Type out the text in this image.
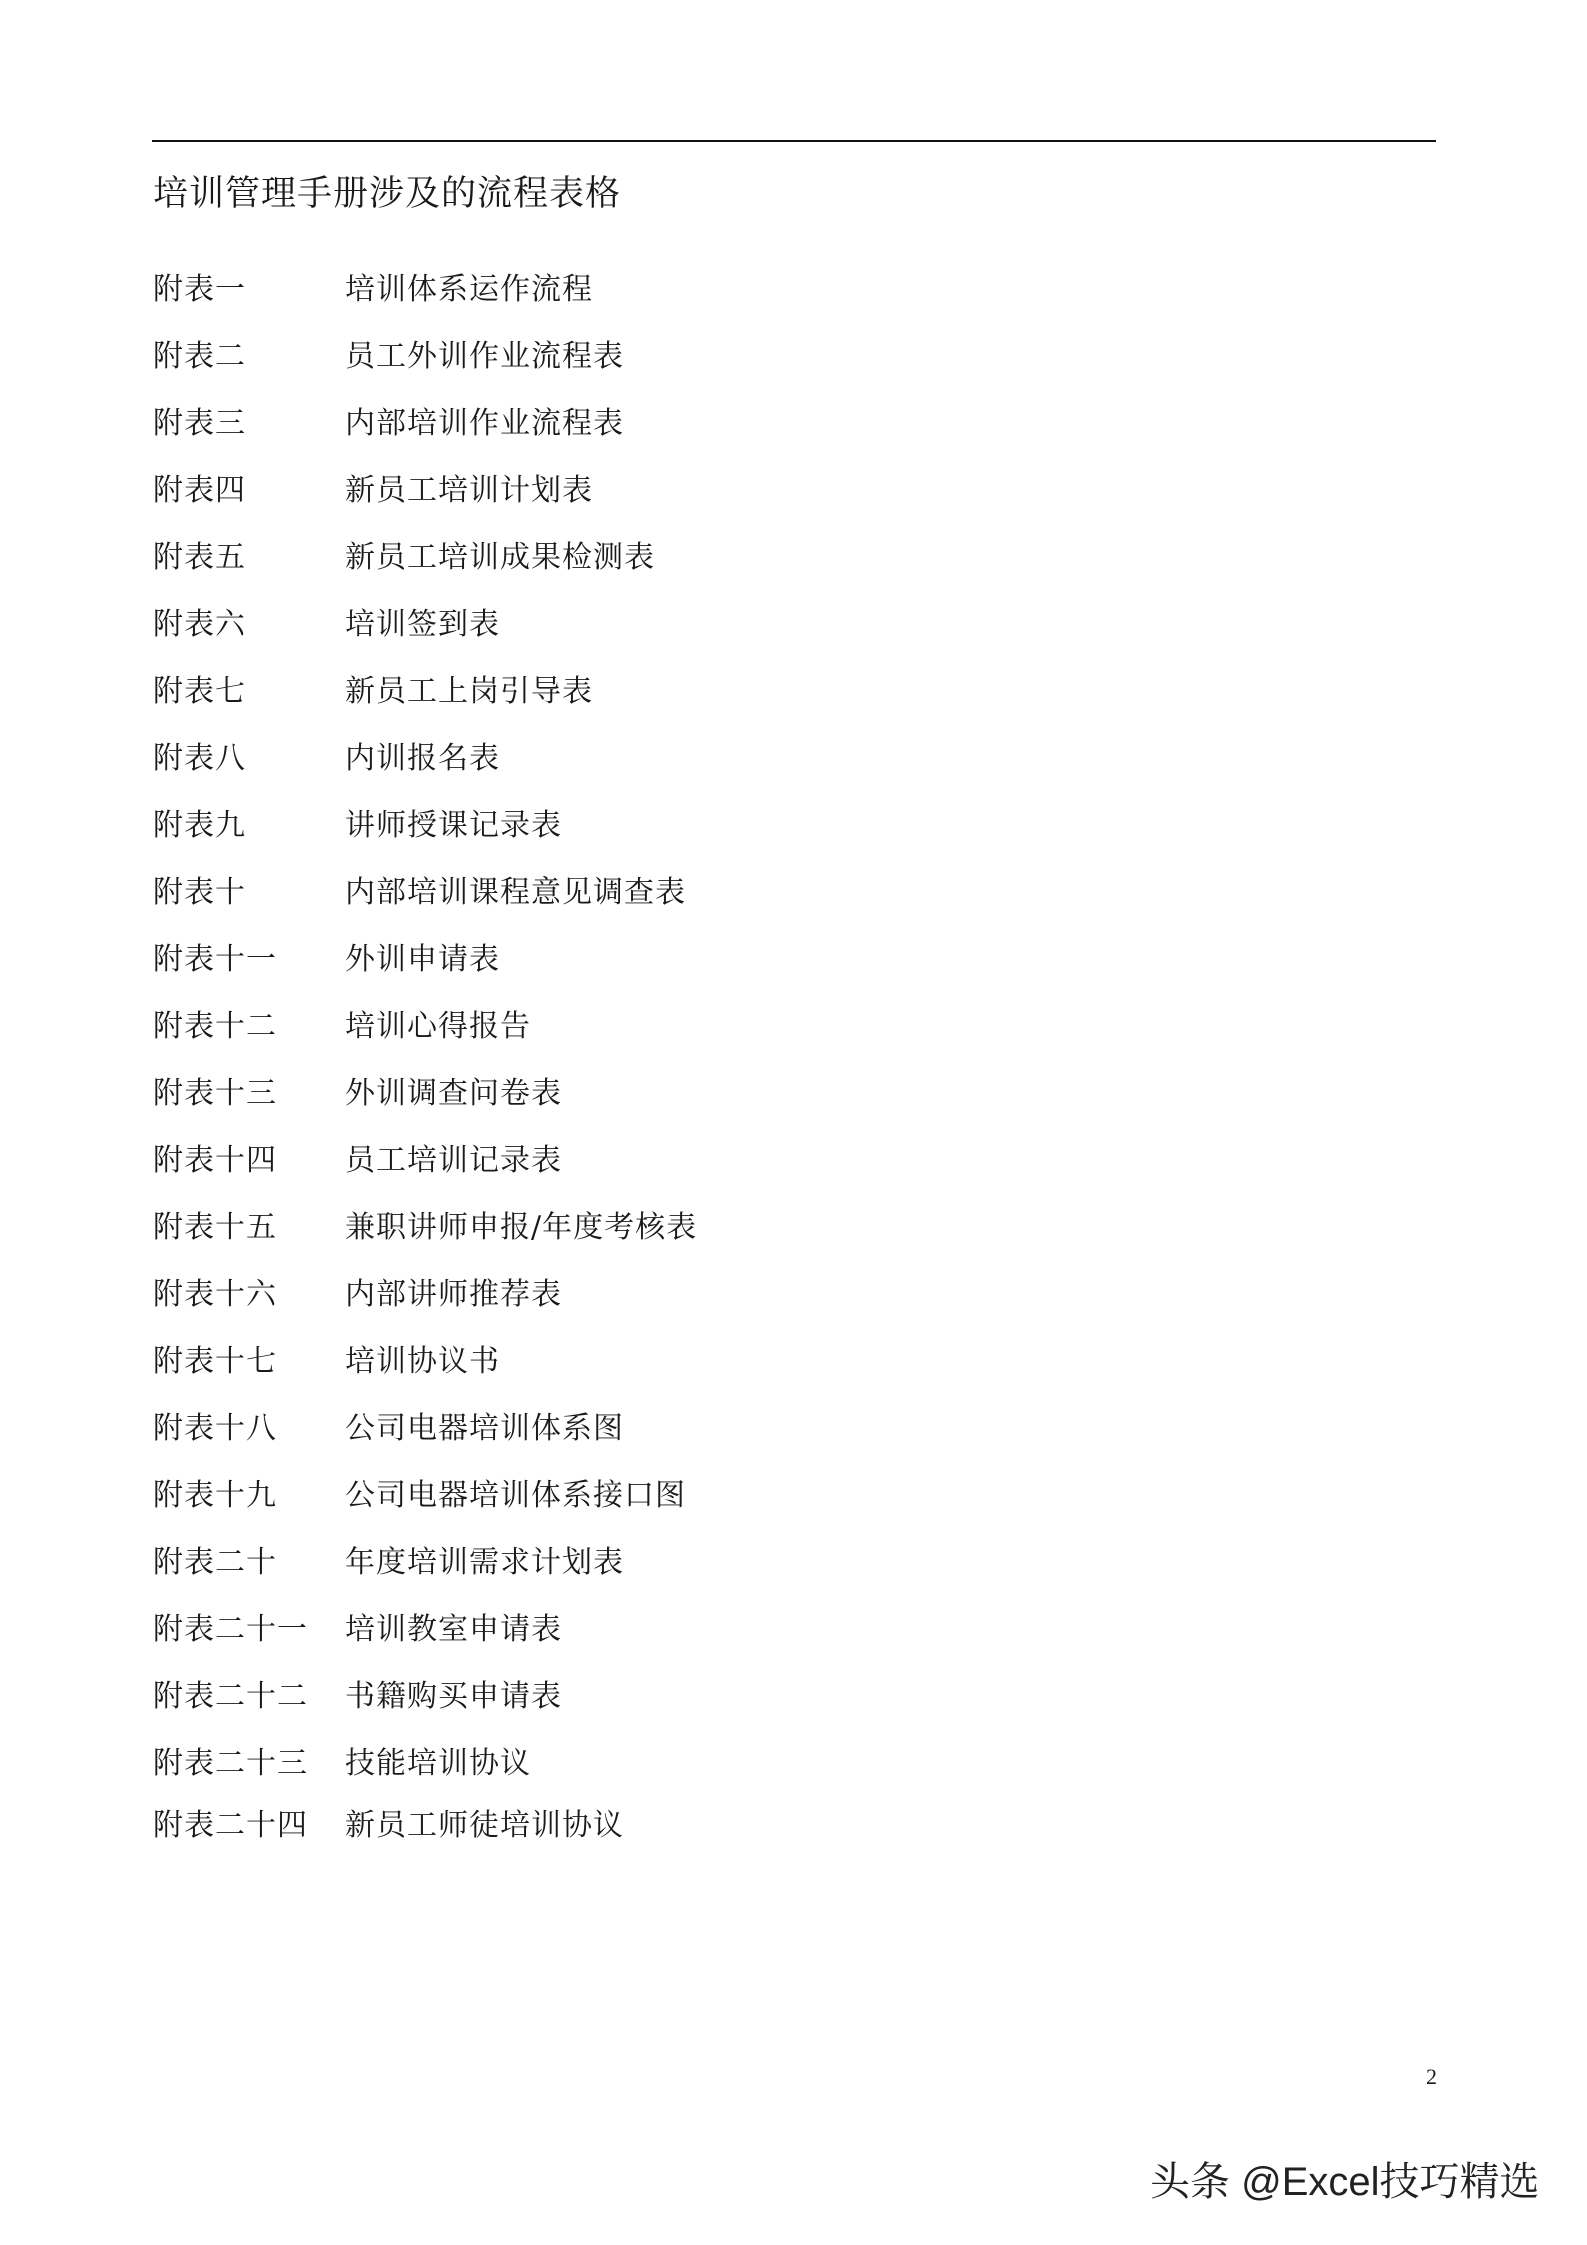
培训管理手册涉及的流程表格
附表一	培训体系运作流程
附表二	员工外训作业流程表
附表三	内部培训作业流程表
附表四	新员工培训计划表
附表五	新员工培训成果检测表
附表六	培训签到表
附表七	新员工上岗引导表
附表八	内训报名表
附表九	讲师授课记录表
附表十	内部培训课程意见调查表
附表十一	外训申请表
附表十二	培训心得报告
附表十三	外训调查问卷表
附表十四	员工培训记录表
附表十五	兼职讲师申报/年度考核表
附表十六	内部讲师推荐表
附表十七	培训协议书
附表十八	公司电器培训体系图
附表十九	公司电器培训体系接口图
附表二十	年度培训需求计划表
附表二十一	培训教室申请表
附表二十二	书籍购买申请表
附表二十三	技能培训协议
附表二十四	新员工师徒培训协议
2
头条 @Excel技巧精选
